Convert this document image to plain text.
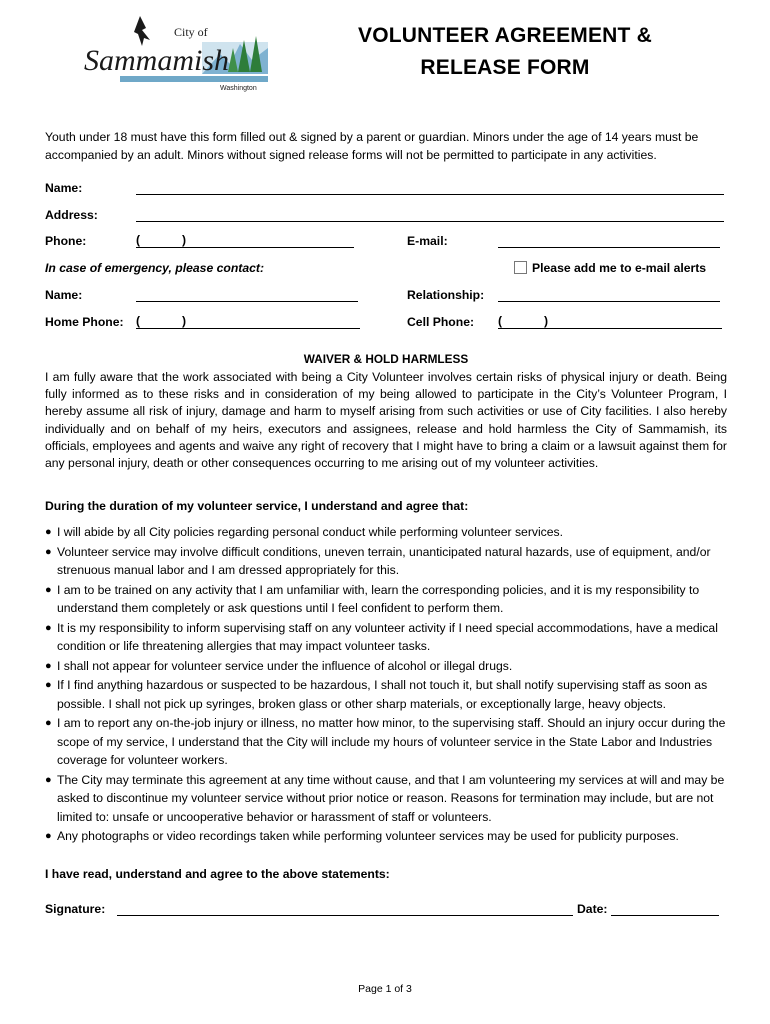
City of
Sammamish
Washington
VOLUNTEER AGREEMENT &
RELEASE FORM
Youth under 18 must have this form filled out & signed by a parent or guardian. Minors under the age of 14 years must be accompanied by an adult. Minors without signed release forms will not be permitted to participate in any activities.
Name:
Address:
Phone:	(	)	E-mail:
In case of emergency, please contact:	Please add me to e-mail alerts
Name:	Relationship:
Home Phone: (	)	Cell Phone: (	)
WAIVER & HOLD HARMLESS
I am fully aware that the work associated with being a City Volunteer involves certain risks of physical injury or death. Being fully informed as to these risks and in consideration of my being allowed to participate in the City’s Volunteer Program, I hereby assume all risk of injury, damage and harm to myself arising from such activities or use of City facilities. I also hereby individually and on behalf of my heirs, executors and assignees, release and hold harmless the City of Sammamish, its officials, employees and agents and waive any right of recovery that I might have to bring a claim or a lawsuit against them for any personal injury, death or other consequences occurring to me arising out of my volunteer activities.
During the duration of my volunteer service, I understand and agree that:
● I will abide by all City policies regarding personal conduct while performing volunteer services.
● Volunteer service may involve difficult conditions, uneven terrain, unanticipated natural hazards, use of equipment, and/or strenuous manual labor and I am dressed appropriately for this.
● I am to be trained on any activity that I am unfamiliar with, learn the corresponding policies, and it is my responsibility to understand them completely or ask questions until I feel confident to perform them.
● It is my responsibility to inform supervising staff on any volunteer activity if I need special accommodations, have a medical condition or life threatening allergies that may impact volunteer tasks.
● I shall not appear for volunteer service under the influence of alcohol or illegal drugs.
● If I find anything hazardous or suspected to be hazardous, I shall not touch it, but shall notify supervising staff as soon as possible. I shall not pick up syringes, broken glass or other sharp materials, or exceptionally large, heavy objects.
● I am to report any on-the-job injury or illness, no matter how minor, to the supervising staff. Should an injury occur during the scope of my service, I understand that the City will include my hours of volunteer service in the State Labor and Industries coverage for volunteer workers.
● The City may terminate this agreement at any time without cause, and that I am volunteering my services at will and may be asked to discontinue my volunteer service without prior notice or reason. Reasons for termination may include, but are not limited to: unsafe or uncooperative behavior or harassment of staff or volunteers.
● Any photographs or video recordings taken while performing volunteer services may be used for publicity purposes.
I have read, understand and agree to the above statements:
Signature:	Date:
Page 1 of 3
